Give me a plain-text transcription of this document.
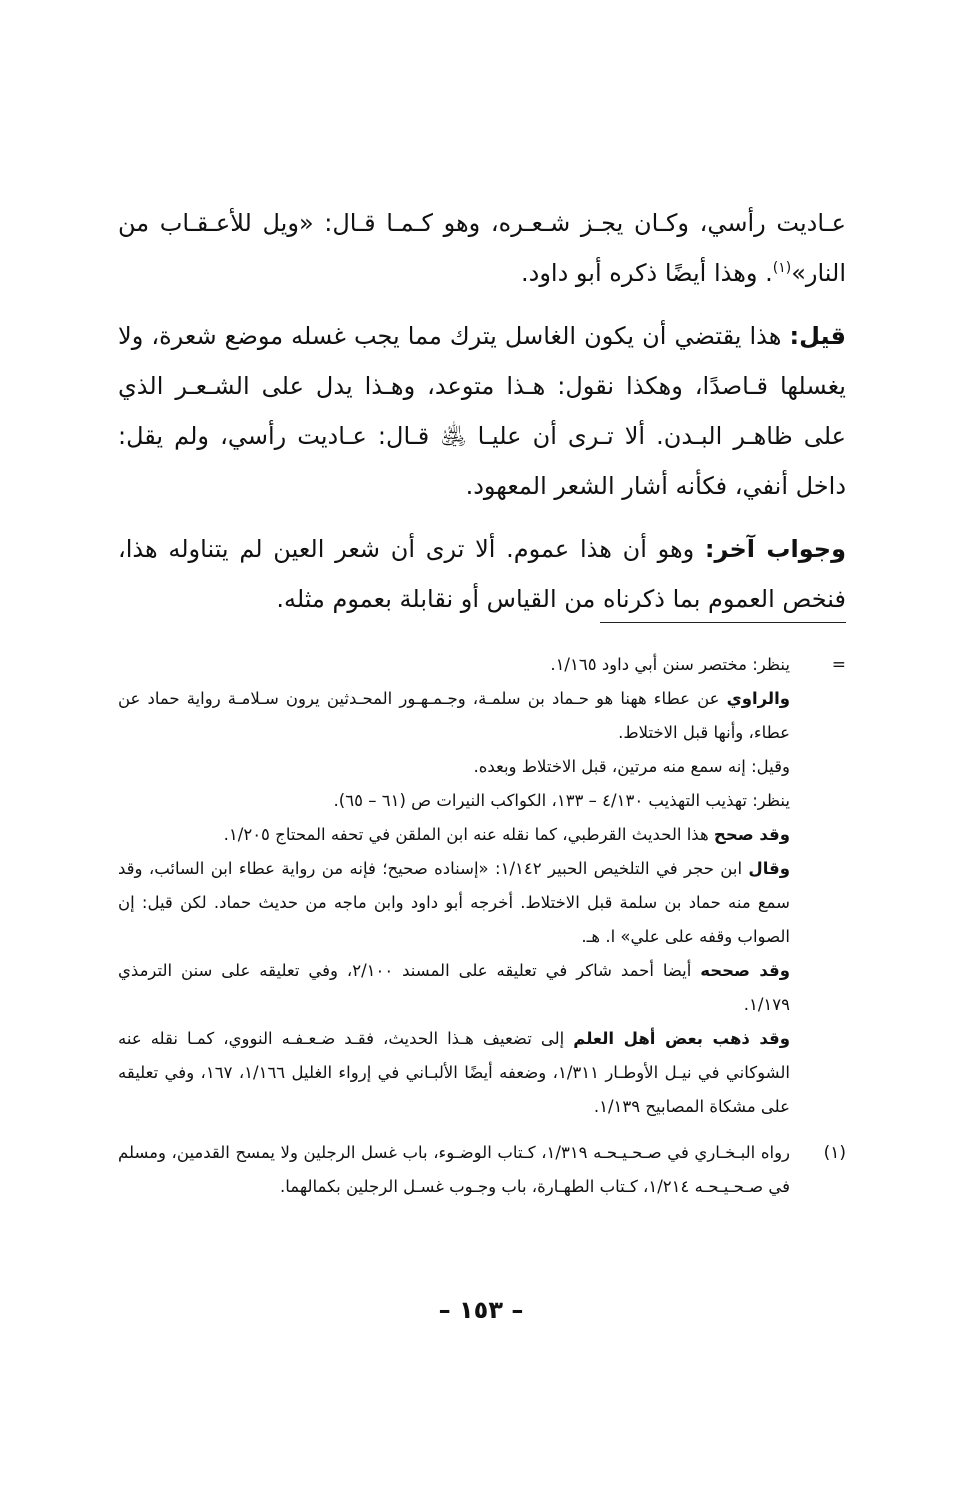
عـاديت رأسي، وكـان يجـز شـعـره، وهو كـمـا قـال: «ويل للأعـقـاب من النار»$^{(١)}$. وهذا أيضًا ذكره أبو داود.

قيل: هذا يقتضي أن يكون الغاسل يترك مما يجب غسله موضع شعرة، ولا يغسلها قـاصدًا، وهكذا نقول: هـذا متوعد، وهـذا يدل على الشـعـر الذي على ظاهـر البـدن. ألا تـرى أن عليـا ﵁ قـال: عـاديت رأسي، ولم يقل: داخل أنفي، فكأنه أشار الشعر المعهود.

وجواب آخر: وهو أن هذا عموم. ألا ترى أن شعر العين لم يتناوله هذا، فنخص العموم بما ذكرناه من القياس أو نقابلة بعموم مثله.

=

ينظر: مختصر سنن أبي داود ١/١٦٥.

والراوي عن عطاء ههنا هو حـماد بن سلمـة، وجـمـهـور المحـدثين يرون سـلامـة رواية حماد عن عطاء، وأنها قبل الاختلاط.

وقيل: إنه سمع منه مرتين، قبل الاختلاط وبعده.

ينظر: تهذيب التهذيب ٤/١٣٠ – ١٣٣، الكواكب النيرات ص (٦١ – ٦٥).

وقد صحح هذا الحديث القرطبي، كما نقله عنه ابن الملقن في تحفه المحتاج ١/٢٠٥.

وقال ابن حجر في التلخيص الحبير ١/١٤٢: «إسناده صحيح؛ فإنه من رواية عطاء ابن السائب، وقد سمع منه حماد بن سلمة قبل الاختلاط. أخرجه أبو داود وابن ماجه من حديث حماد. لكن قيل: إن الصواب وقفه على علي» ا. هـ.

وقد صححه أيضا أحمد شاكر في تعليقه على المسند ٢/١٠٠، وفي تعليقه على سنن الترمذي ١/١٧٩.

وقد ذهب بعض أهل العلم إلى تضعيف هـذا الحديث، فقـد ضـعـفـه النووي، كمـا نقله عنه الشوكاني في نيـل الأوطـار ١/٣١١، وضعفه أيضًا الألبـاني في إرواء الغليل ١/١٦٦، ١٦٧، وفي تعليقه على مشكاة المصابيح ١/١٣٩.

(١)

رواه البـخـاري في صـحـيـحـه ١/٣١٩، كـتاب الوضـوء، باب غسل الرجلين ولا يمسح القدمين، ومسلم في صـحـيـحـه ١/٢١٤، كـتاب الطهـارة، باب وجـوب غسـل الرجلين بكمالهما.

– ١٥٣ –
